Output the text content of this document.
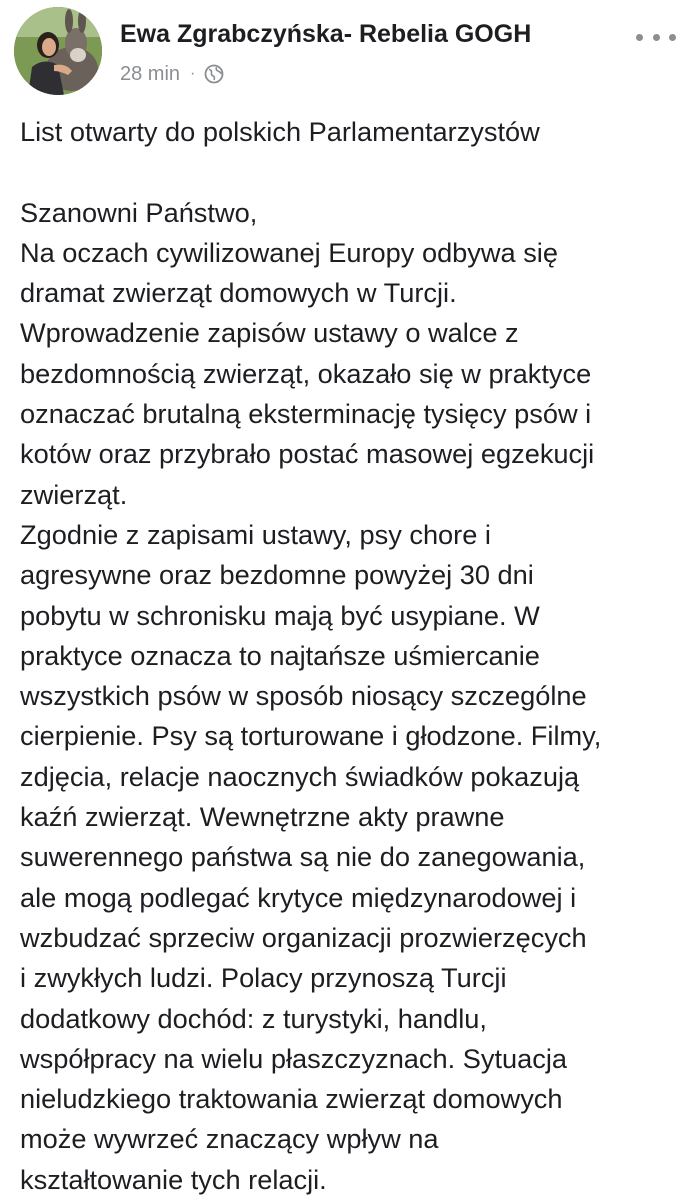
Ewa Zgrabczyńska- Rebelia GOGH
28 min ·

List otwarty do polskich Parlamentarzystów

Szanowni Państwo,

Na oczach cywilizowanej Europy odbywa się

dramat zwierząt domowych w Turcji.

Wprowadzenie zapisów ustawy o walce z

bezdomnością zwierząt, okazało się w praktyce

oznaczać brutalną eksterminację tysięcy psów i

kotów oraz przybrało postać masowej egzekucji

zwierząt.

Zgodnie z zapisami ustawy, psy chore i

agresywne oraz bezdomne powyżej 30 dni

pobytu w schronisku mają być usypiane. W

praktyce oznacza to najtańsze uśmiercanie

wszystkich psów w sposób niosący szczególne

cierpienie. Psy są torturowane i głodzone. Filmy,

zdjęcia, relacje naocznych świadków pokazują

kaźń zwierząt. Wewnętrzne akty prawne

suwerennego państwa są nie do zanegowania,

ale mogą podlegać krytyce międzynarodowej i

wzbudzać sprzeciw organizacji prozwierzęcych

i zwykłych ludzi. Polacy przynoszą Turcji

dodatkowy dochód: z turystyki, handlu,

współpracy na wielu płaszczyznach. Sytuacja

nieludzkiego traktowania zwierząt domowych

może wywrzeć znaczący wpływ na

kształtowanie tych relacji.
